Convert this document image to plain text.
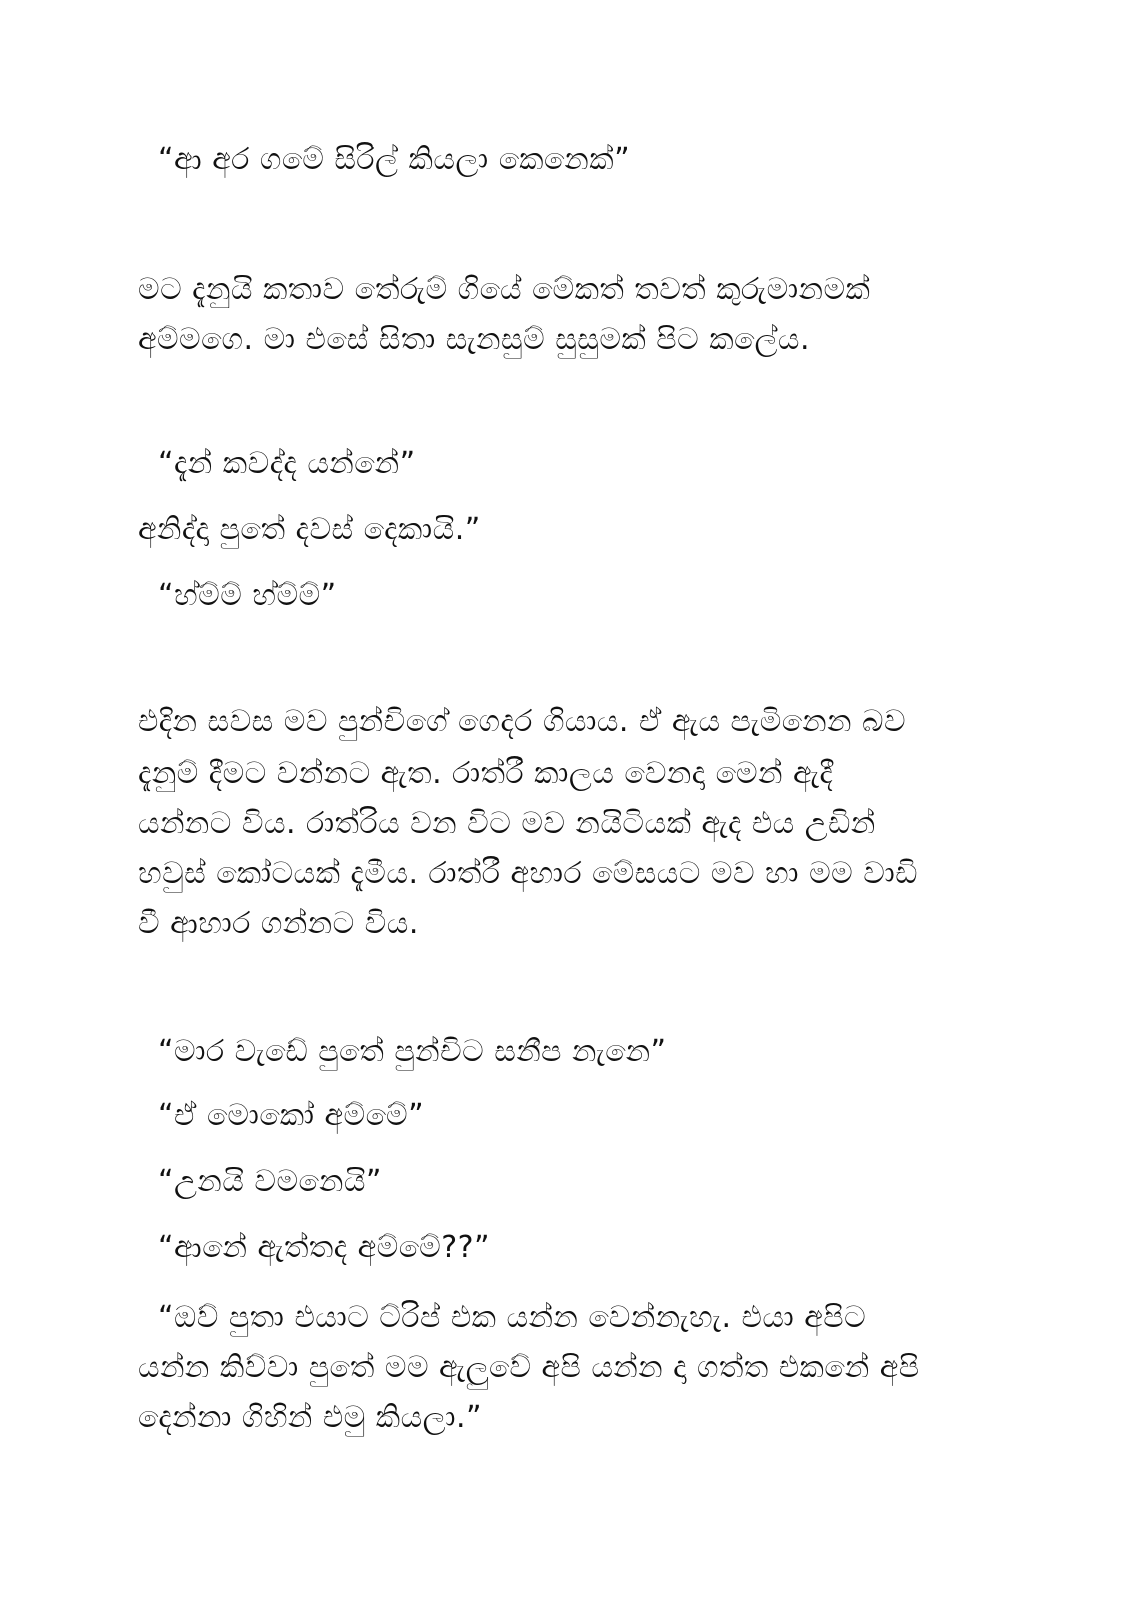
“ආ අර ගමේ සිරිල් කියලා කෙනෙක්”
මට දැනුයි කතාව තේරුම් ගියේ මේකත් තවත් කුරුමානමක්
අම්මගෙ. මා එසේ සිතා සැනසුම් සුසුමක් පිට කලේය.
“දැන් කවද්ද යන්නේ”
අනිද්දා පුතේ දවස් දෙකායි.”
“හ්ම්ම් හ්ම්ම්”
එදින සවස මව පුන්චිගේ ගෙදර ගියාය. ඒ ඇය පැමිනෙන බව
දැනුම් දීමට වන්නට ඇත. රාත්රී කාලය වෙනදා මෙන් ඇදී
යන්නට විය. රාත්රිය වන විට මව නයිටියක් ඇද එය උඩින්
හවුස් කෝටයක් දැමීය. රාත්රී අහාර මේසයට මව හා මම වාඩි
වී ආහාර ගන්නට විය.
“මාර වැඩේ පුතේ පුන්චිට සනීප නැනෙ”
“ඒ මොකෝ අම්මේ”
“උනයි වමනෙයි”
“ආනේ ඇත්තද අම්මේ??”
“ඔව් පුතා එයාට ට්රිප් එක යන්න වෙන්නැහැ. එයා අපිට
යන්න කිව්වා පුතේ මම ඇලුවේ අපි යන්න දා ගත්ත එකනේ අපි
දෙන්නා ගිහින් එමු කියලා.”
